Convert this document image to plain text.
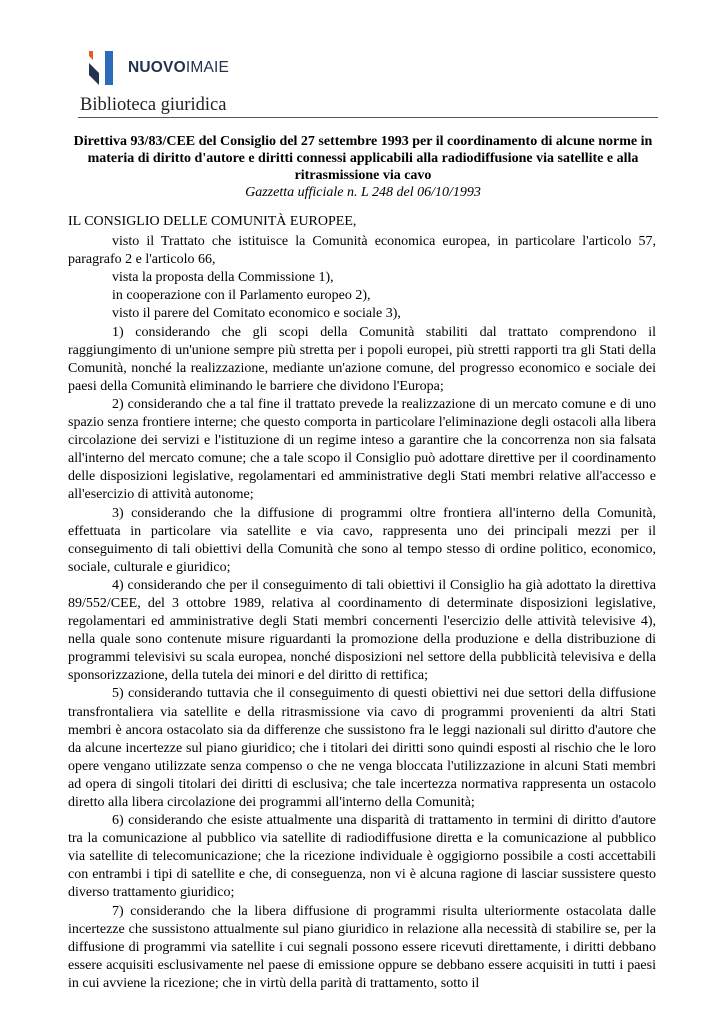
NUOVOIMAIE
Biblioteca giuridica
Direttiva 93/83/CEE del Consiglio del 27 settembre 1993 per il coordinamento di alcune norme in materia di diritto d'autore e diritti connessi applicabili alla radiodiffusione via satellite e alla ritrasmissione via cavo
Gazzetta ufficiale n. L 248 del 06/10/1993

IL CONSIGLIO DELLE COMUNITÀ EUROPEE,

visto il Trattato che istituisce la Comunità economica europea, in particolare l'articolo 57, paragrafo 2 e l'articolo 66,

vista la proposta della Commissione 1),

in cooperazione con il Parlamento europeo 2),

visto il parere del Comitato economico e sociale 3),

1) considerando che gli scopi della Comunità stabiliti dal trattato comprendono il raggiungimento di un'unione sempre più stretta per i popoli europei, più stretti rapporti tra gli Stati della Comunità, nonché la realizzazione, mediante un'azione comune, del progresso economico e sociale dei paesi della Comunità eliminando le barriere che dividono l'Europa;

2) considerando che a tal fine il trattato prevede la realizzazione di un mercato comune e di uno spazio senza frontiere interne; che questo comporta in particolare l'eliminazione degli ostacoli alla libera circolazione dei servizi e l'istituzione di un regime inteso a garantire che la concorrenza non sia falsata all'interno del mercato comune; che a tale scopo il Consiglio può adottare direttive per il coordinamento delle disposizioni legislative, regolamentari ed amministrative degli Stati membri relative all'accesso e all'esercizio di attività autonome;

3) considerando che la diffusione di programmi oltre frontiera all'interno della Comunità, effettuata in particolare via satellite e via cavo, rappresenta uno dei principali mezzi per il conseguimento di tali obiettivi della Comunità che sono al tempo stesso di ordine politico, economico, sociale, culturale e giuridico;

4) considerando che per il conseguimento di tali obiettivi il Consiglio ha già adottato la direttiva 89/552/CEE, del 3 ottobre 1989, relativa al coordinamento di determinate disposizioni legislative, regolamentari ed amministrative degli Stati membri concernenti l'esercizio delle attività televisive 4), nella quale sono contenute misure riguardanti la promozione della produzione e della distribuzione di programmi televisivi su scala europea, nonché disposizioni nel settore della pubblicità televisiva e della sponsorizzazione, della tutela dei minori e del diritto di rettifica;

5) considerando tuttavia che il conseguimento di questi obiettivi nei due settori della diffusione transfrontaliera via satellite e della ritrasmissione via cavo di programmi provenienti da altri Stati membri è ancora ostacolato sia da differenze che sussistono fra le leggi nazionali sul diritto d'autore che da alcune incertezze sul piano giuridico; che i titolari dei diritti sono quindi esposti al rischio che le loro opere vengano utilizzate senza compenso o che ne venga bloccata l'utilizzazione in alcuni Stati membri ad opera di singoli titolari dei diritti di esclusiva; che tale incertezza normativa rappresenta un ostacolo diretto alla libera circolazione dei programmi all'interno della Comunità;

6) considerando che esiste attualmente una disparità di trattamento in termini di diritto d'autore tra la comunicazione al pubblico via satellite di radiodiffusione diretta e la comunicazione al pubblico via satellite di telecomunicazione; che la ricezione individuale è oggigiorno possibile a costi accettabili con entrambi i tipi di satellite e che, di conseguenza, non vi è alcuna ragione di lasciar sussistere questo diverso trattamento giuridico;

7) considerando che la libera diffusione di programmi risulta ulteriormente ostacolata dalle incertezze che sussistono attualmente sul piano giuridico in relazione alla necessità di stabilire se, per la diffusione di programmi via satellite i cui segnali possono essere ricevuti direttamente, i diritti debbano essere acquisiti esclusivamente nel paese di emissione oppure se debbano essere acquisiti in tutti i paesi in cui avviene la ricezione; che in virtù della parità di trattamento, sotto il
